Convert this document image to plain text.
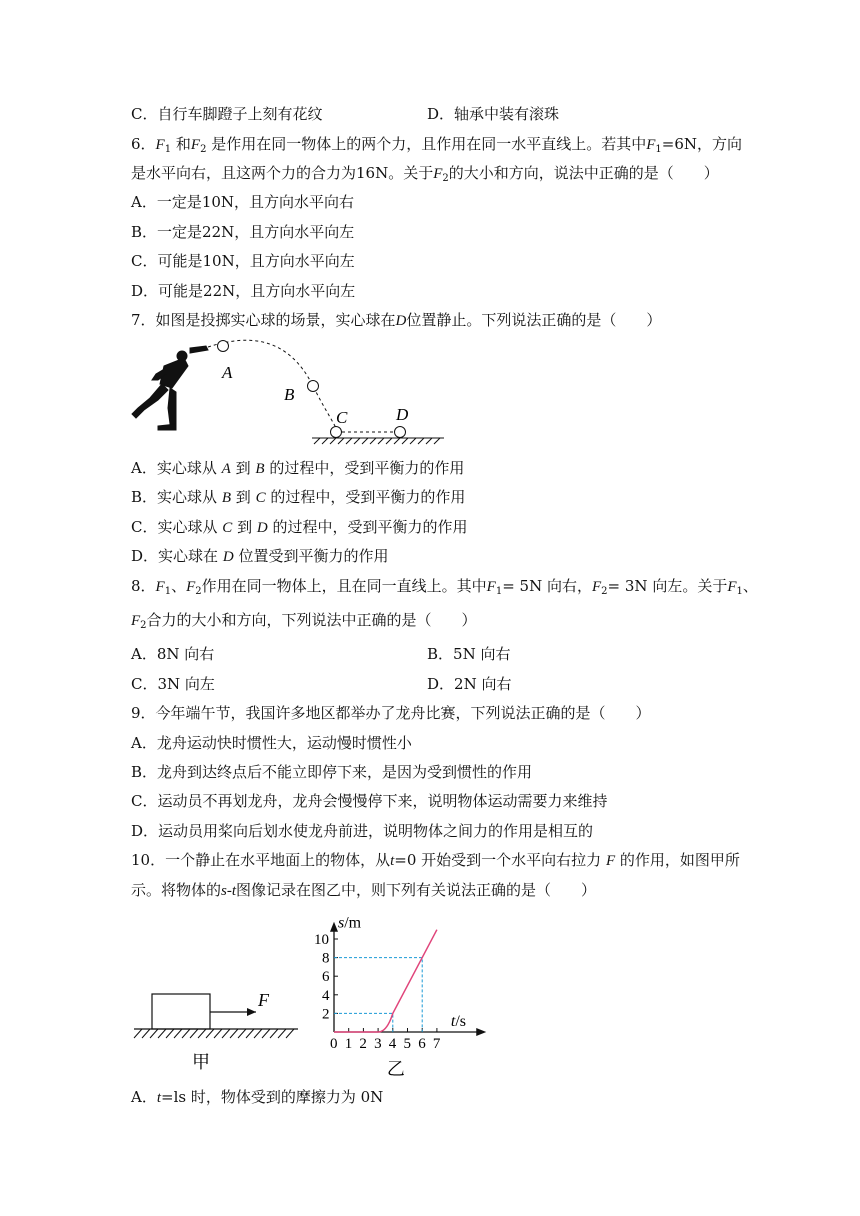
C．自行车脚蹬子上刻有花纹	D．轴承中装有滚珠
6．$F_1$ 和$F_2$ 是作用在同一物体上的两个力，且作用在同一水平直线上。若其中$F_1=6N$，方向
是水平向右，且这两个力的合力为16N。关于$F_2$的大小和方向，说法中正确的是（　　）
A．一定是10N，且方向水平向右
B．一定是22N，且方向水平向左
C．可能是10N，且方向水平向左
D．可能是22N，且方向水平向左
7．如图是投掷实心球的场景，实心球在D位置静止。下列说法正确的是（　　）
A
B
C	D
A．实心球从 A 到 B 的过程中，受到平衡力的作用
B．实心球从 B 到 C 的过程中，受到平衡力的作用
C．实心球从 C 到 D 的过程中，受到平衡力的作用
D．实心球在 D 位置受到平衡力的作用
8．$F_1$、$F_2$作用在同一物体上，且在同一直线上。其中$F_1= 5N$ 向右，$F_2= 3N$ 向左。关于$F_1$、
$F_2$合力的大小和方向，下列说法中正确的是（　　）
A．8N 向右	B．5N 向右
C．3N 向左	D．2N 向右
9．今年端午节，我国许多地区都举办了龙舟比赛，下列说法正确的是（　　）
A．龙舟运动快时惯性大，运动慢时惯性小
B．龙舟到达终点后不能立即停下来，是因为受到惯性的作用
C．运动员不再划龙舟，龙舟会慢慢停下来，说明物体运动需要力来维持
D．运动员用桨向后划水使龙舟前进，说明物体之间力的作用是相互的
10．一个静止在水平地面上的物体，从t=0 开始受到一个水平向右拉力 F 的作用，如图甲所
示。将物体的s-t图像记录在图乙中，则下列有关说法正确的是（　　）
F
甲
0 1 2 3 4 5 6 7
2
4
6
8
10
s/m
t/s
乙
A．t=ls 时，物体受到的摩擦力为 0N
